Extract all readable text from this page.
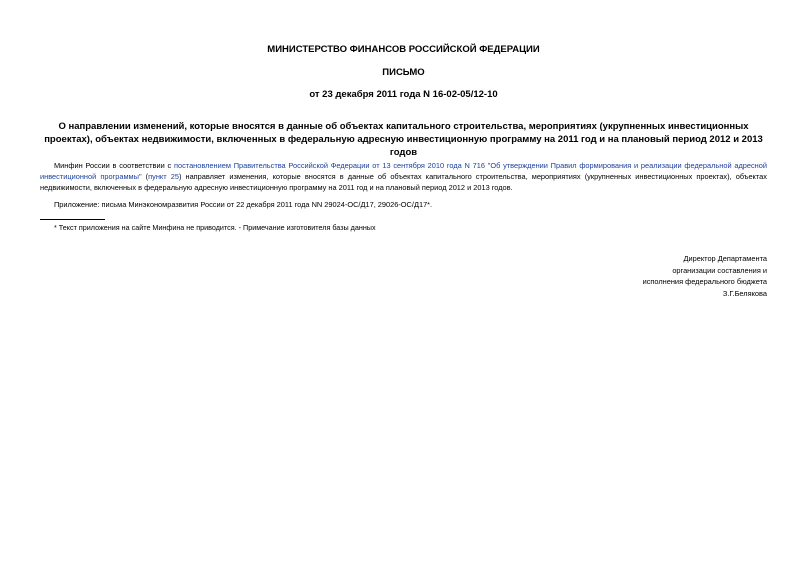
МИНИСТЕРСТВО ФИНАНСОВ РОССИЙСКОЙ ФЕДЕРАЦИИ
ПИСЬМО
от 23 декабря 2011 года N 16-02-05/12-10
О направлении изменений, которые вносятся в данные об объектах капитального строительства, мероприятиях (укрупненных инвестиционных проектах), объектах недвижимости, включенных в федеральную адресную инвестиционную программу на 2011 год и на плановый период 2012 и 2013 годов
Минфин России в соответствии с постановлением Правительства Российской Федерации от 13 сентября 2010 года N 716 "Об утверждении Правил формирования и реализации федеральной адресной инвестиционной программы" (пункт 25) направляет изменения, которые вносятся в данные об объектах капитального строительства, мероприятиях (укрупненных инвестиционных проектах), объектах недвижимости, включенных в федеральную адресную инвестиционную программу на 2011 год и на плановый период 2012 и 2013 годов.
Приложение: письма Минэкономразвития России от 22 декабря 2011 года NN 29024-ОС/Д17, 29026-ОС/Д17*.
* Текст приложения на сайте Минфина не приводится. - Примечание изготовителя базы данных
Директор Департамента
организации составления и
исполнения федерального бюджета
З.Г.Белякова
